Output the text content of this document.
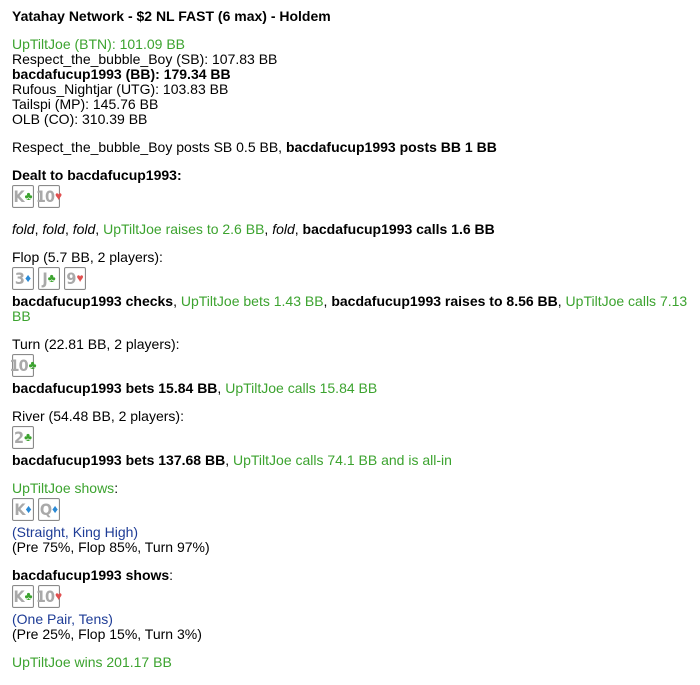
Yatahay Network - $2 NL FAST (6 max) - Holdem
UpTiltJoe (BTN): 101.09 BB
Respect_the_bubble_Boy (SB): 107.83 BB
bacdafucup1993 (BB): 179.34 BB
Rufous_Nightjar (UTG): 103.83 BB
Tailspi (MP): 145.76 BB
OLB (CO): 310.39 BB
Respect_the_bubble_Boy posts SB 0.5 BB, bacdafucup1993 posts BB 1 BB
Dealt to bacdafucup1993:
K ♣ 10 ♥
fold, fold, fold, UpTiltJoe raises to 2.6 BB, fold, bacdafucup1993 calls 1.6 BB
Flop (5.7 BB, 2 players):
3 ♦ J ♣ 9 ♥
bacdafucup1993 checks, UpTiltJoe bets 1.43 BB, bacdafucup1993 raises to 8.56 BB, UpTiltJoe calls 7.13 BB
Turn (22.81 BB, 2 players):
10 ♣
bacdafucup1993 bets 15.84 BB, UpTiltJoe calls 15.84 BB
River (54.48 BB, 2 players):
2 ♣
bacdafucup1993 bets 137.68 BB, UpTiltJoe calls 74.1 BB and is all-in
UpTiltJoe shows:
K ♦ Q ♦
(Straight, King High)
(Pre 75%, Flop 85%, Turn 97%)
bacdafucup1993 shows:
K ♣ 10 ♥
(One Pair, Tens)
(Pre 25%, Flop 15%, Turn 3%)
UpTiltJoe wins 201.17 BB
